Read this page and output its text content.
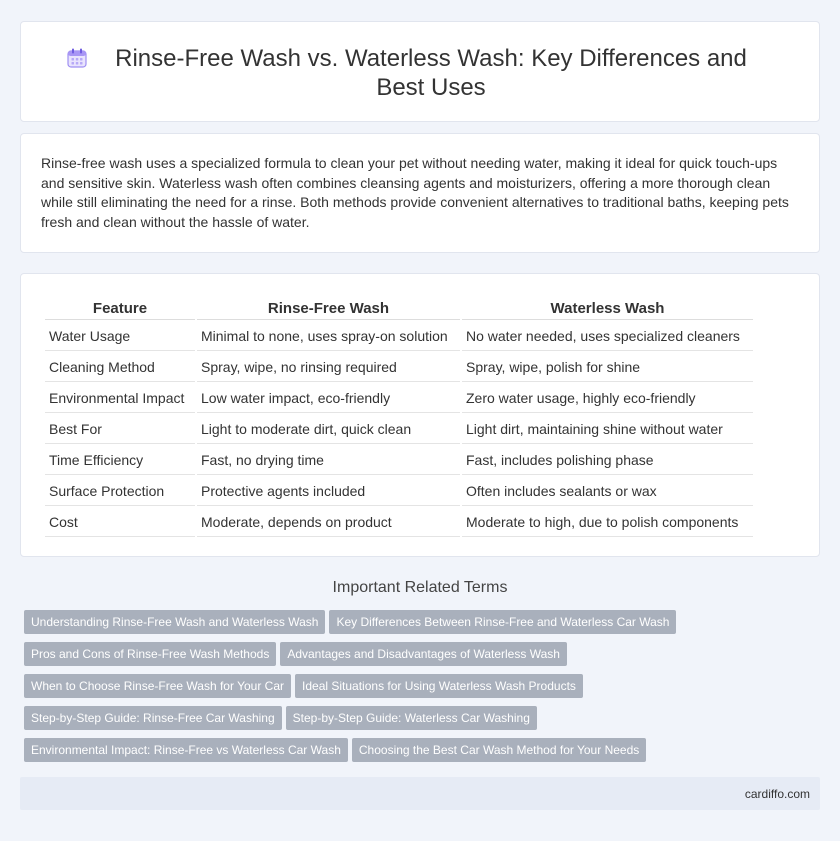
Rinse-Free Wash vs. Waterless Wash: Key Differences and Best Uses

Rinse-free wash uses a specialized formula to clean your pet without needing water, making it ideal for quick touch-ups and sensitive skin. Waterless wash often combines cleansing agents and moisturizers, offering a more thorough clean while still eliminating the need for a rinse. Both methods provide convenient alternatives to traditional baths, keeping pets fresh and clean without the hassle of water.

Feature	Rinse-Free Wash	Waterless Wash
Water Usage	Minimal to none, uses spray-on solution	No water needed, uses specialized cleaners
Cleaning Method	Spray, wipe, no rinsing required	Spray, wipe, polish for shine
Environmental Impact	Low water impact, eco-friendly	Zero water usage, highly eco-friendly
Best For	Light to moderate dirt, quick clean	Light dirt, maintaining shine without water
Time Efficiency	Fast, no drying time	Fast, includes polishing phase
Surface Protection	Protective agents included	Often includes sealants or wax
Cost	Moderate, depends on product	Moderate to high, due to polish components
Important Related Terms
Understanding Rinse-Free Wash and Waterless Wash Key Differences Between Rinse-Free and Waterless Car Wash
Pros and Cons of Rinse-Free Wash Methods Advantages and Disadvantages of Waterless Wash
When to Choose Rinse-Free Wash for Your Car Ideal Situations for Using Waterless Wash Products
Step-by-Step Guide: Rinse-Free Car Washing Step-by-Step Guide: Waterless Car Washing
Environmental Impact: Rinse-Free vs Waterless Car Wash Choosing the Best Car Wash Method for Your Needs
cardiffo.com
